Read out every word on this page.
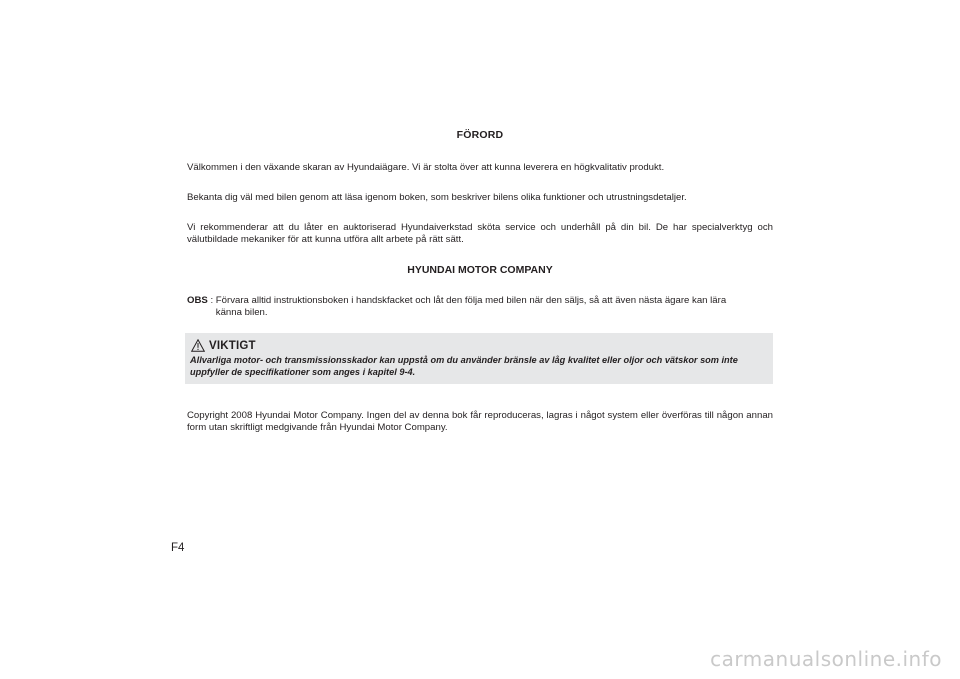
FÖRORD
Välkommen i den växande skaran av Hyundaiägare. Vi är stolta över att kunna leverera en högkvalitativ produkt.
Bekanta dig väl med bilen genom att läsa igenom boken, som beskriver bilens olika funktioner och utrustningsdetaljer.
Vi rekommenderar att du låter en auktoriserad Hyundaiverkstad sköta service och underhåll på din bil. De har specialverktyg och välutbildade mekaniker för att kunna utföra allt arbete på rätt sätt.
HYUNDAI MOTOR COMPANY
OBS : Förvara alltid instruktionsboken i handskfacket och låt den följa med bilen när den säljs, så att även nästa ägare kan lära
känna bilen.
VIKTIGT
Allvarliga motor- och transmissionsskador kan uppstå om du använder bränsle av låg kvalitet eller oljor och vätskor som inte uppfyller de specifikationer som anges i kapitel 9-4.
Copyright 2008 Hyundai Motor Company. Ingen del av denna bok får reproduceras, lagras i något system eller överföras till någon annan form utan skriftligt medgivande från Hyundai Motor Company.
F4
carmanualsonline.info
